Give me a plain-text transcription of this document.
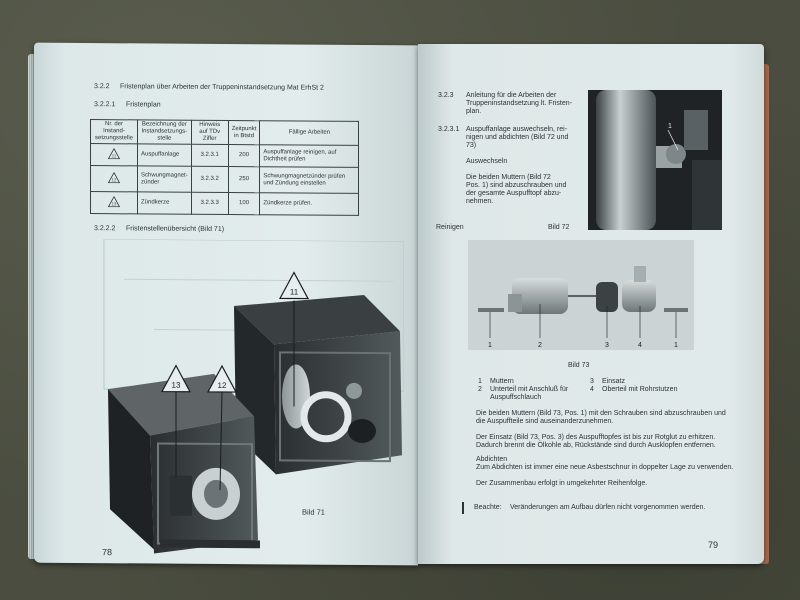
3.2.2 Fristenplan über Arbeiten der Truppeninstandsetzung Mat ErhSt 2
3.2.2.1 Fristenplan
Nr. der Instand-setzungsstelle	Bezeichnung der Instandsetzungs-stelle	Hinweis auf TDv Ziffer	Zeitpunkt in Btstd	Fällige Arbeiten

11	Auspuffanlage	3.2.3.1	200	Auspuffanlage reinigen, auf Dichtheit prüfen

12	Schwungmagnet-zünder	3.2.3.2	250	Schwungmagnetzünder prüfen und Zündung einstellen

13	Zündkerze	3.2.3.3	100	Zündkerze prüfen.
3.2.2.2 Fristenstellenübersicht (Bild 71)
11
13	12
Bild 71
78
3.2.3 Anleitung für die Arbeiten der
Truppeninstandsetzung lt. Fristen-
plan.
3.2.3.1 Auspuffanlage auswechseln, rei-
nigen und abdichten (Bild 72 und
73)
Auswechseln
Die beiden Muttern (Bild 72
Pos. 1) sind abzuschrauben und
der gesamte Auspufftopf abzu-
nehmen.
1
Reinigen	Bild 72
1	2	3	4	1
Bild 73
1 Muttern
2 Unterteil mit Anschluß für
Auspuffschlauch
3 Einsatz
4 Oberteil mit Rohrstutzen
Die beiden Muttern (Bild 73, Pos. 1) mit den Schrauben sind abzuschrauben und
die Auspuffteile sind auseinanderzunehmen.
Der Einsatz (Bild 73, Pos. 3) des Auspufftopfes ist bis zur Rotglut zu erhitzen.
Dadurch brennt die Ölkohle ab, Rückstände sind durch Ausklopfen entfernen.
Abdichten
Zum Abdichten ist immer eine neue Asbestschnur in doppelter Lage zu verwenden.
Der Zusammenbau erfolgt in umgekehrter Reihenfolge.
Beachte: Veränderungen am Aufbau dürfen nicht vorgenommen werden.
79
